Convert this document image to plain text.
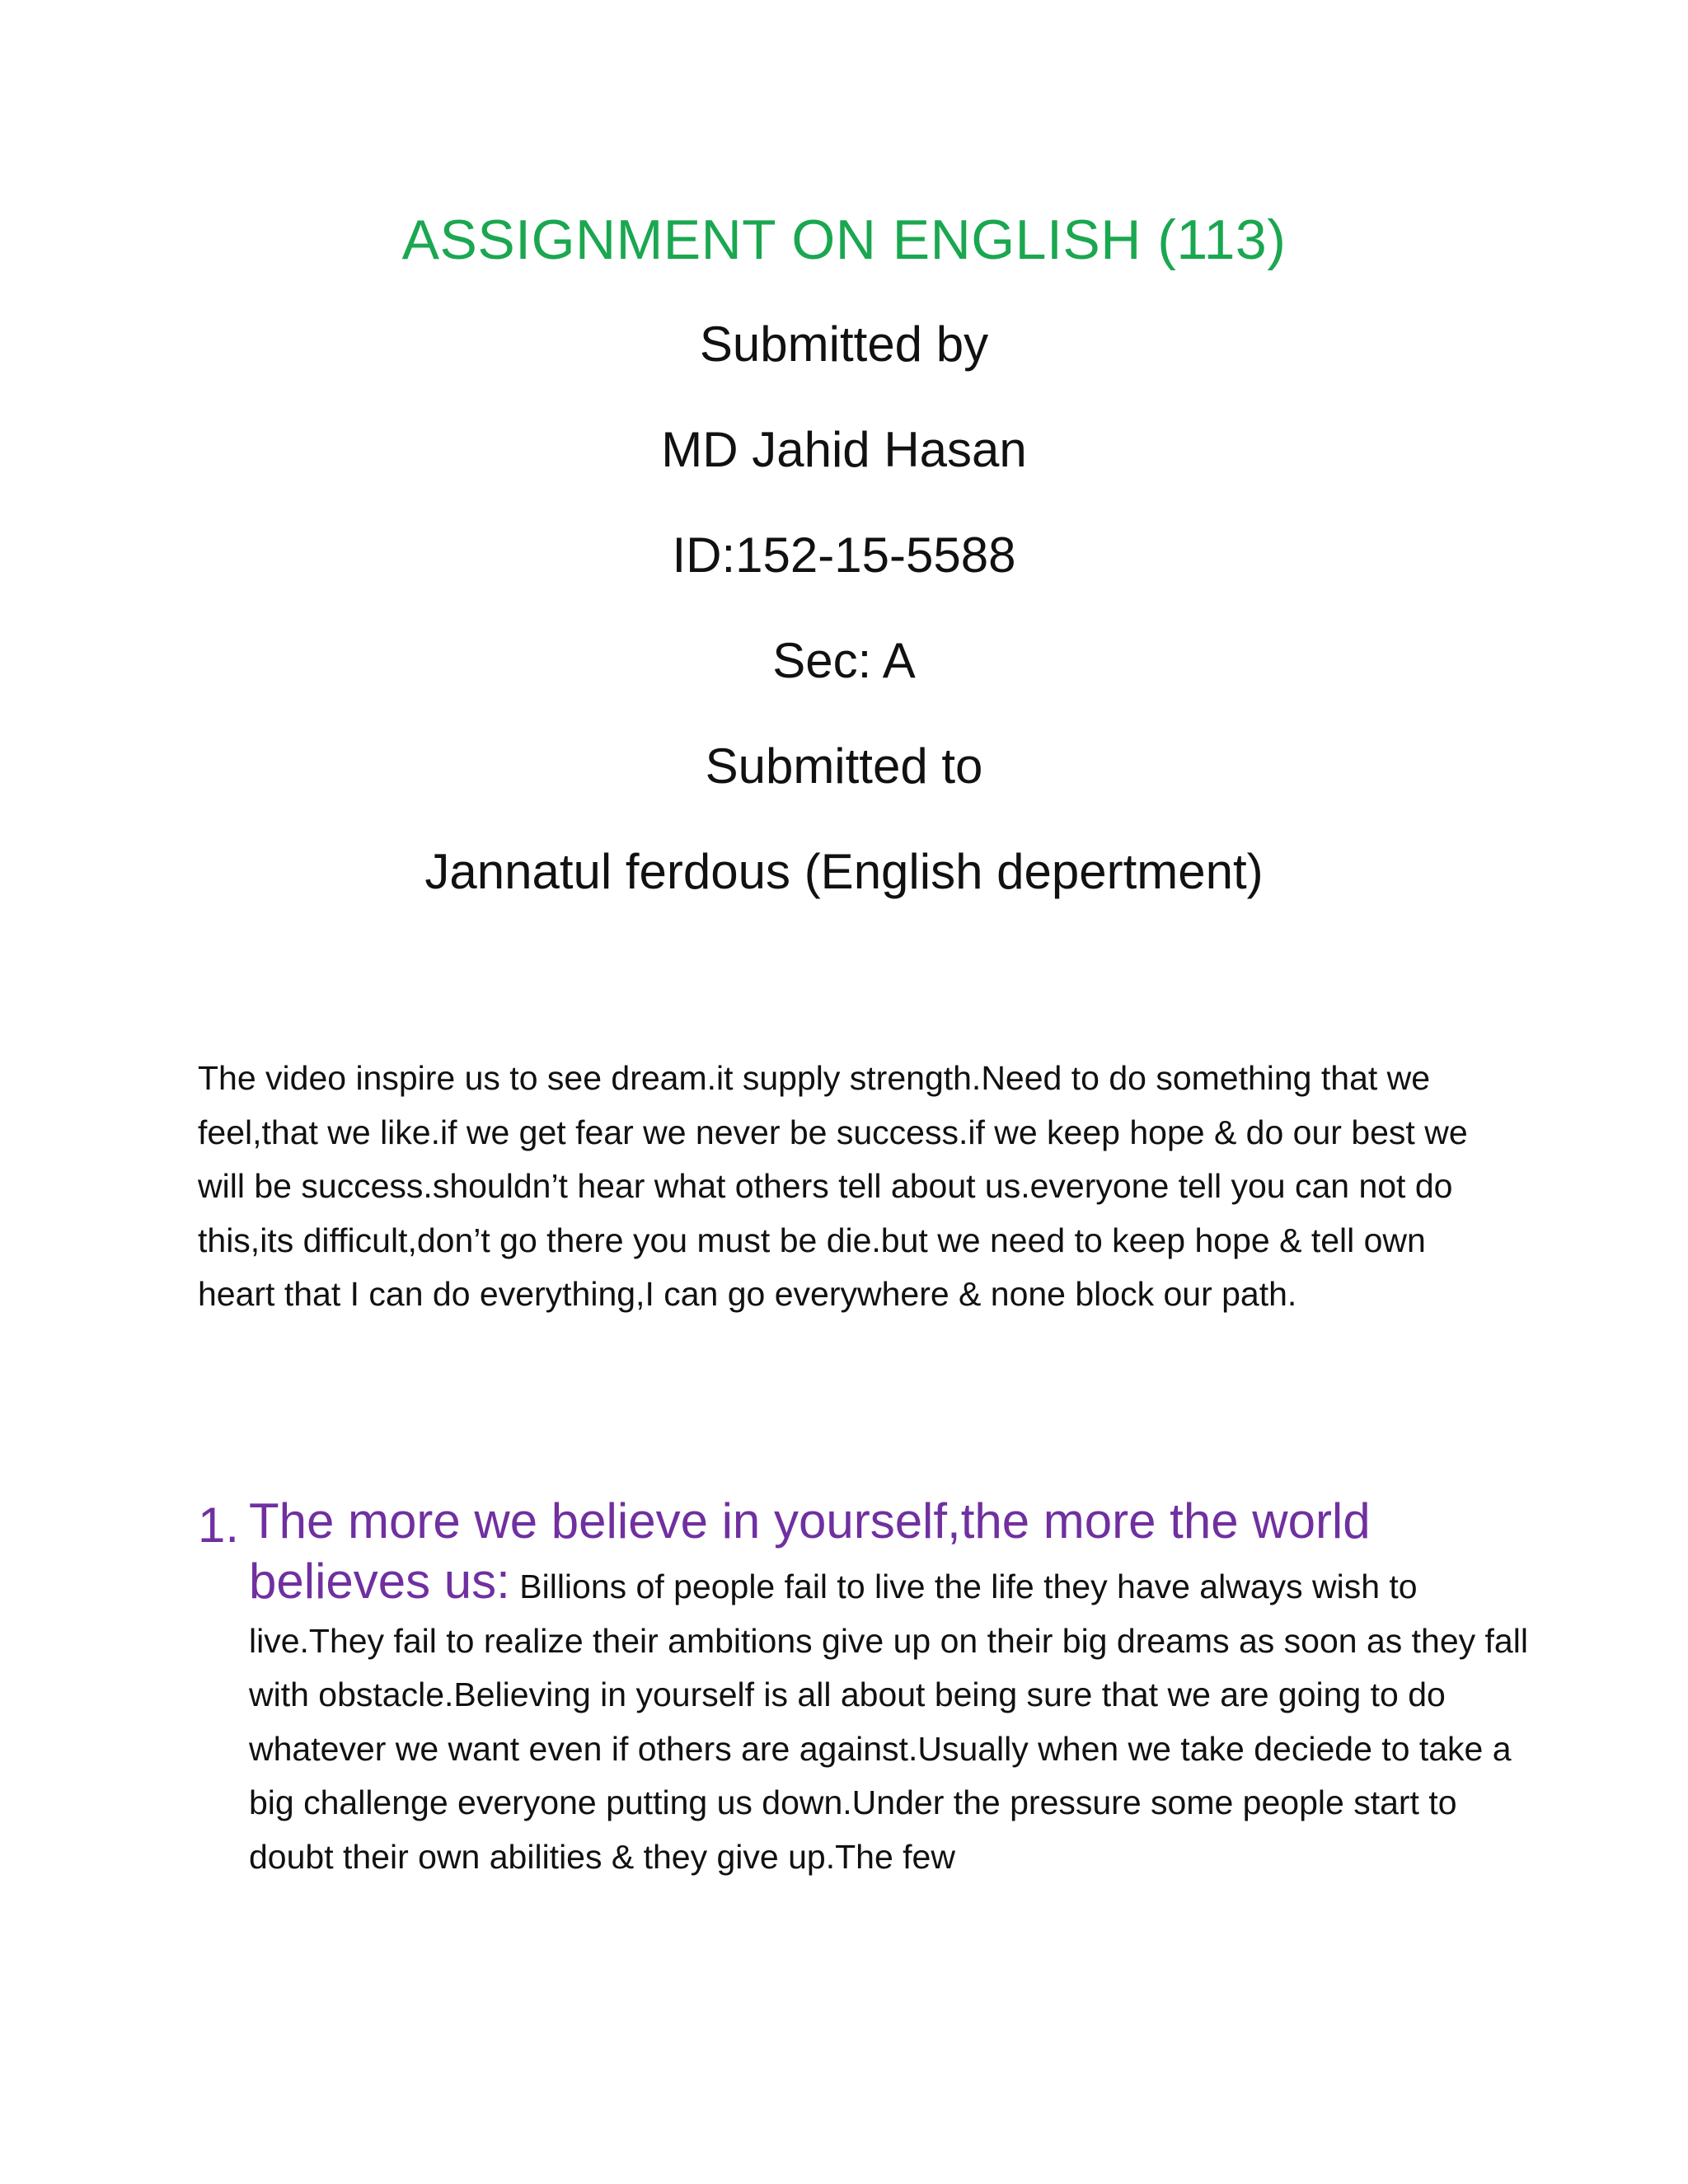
ASSIGNMENT ON ENGLISH (113)
Submitted by
MD Jahid Hasan
ID:152-15-5588
Sec: A
Submitted to
Jannatul ferdous (English depertment)
The video inspire us to see dream.it supply strength.Need to do something that we feel,that we like.if we get fear we never be success.if we keep hope & do our best we will be success.shouldn’t hear what others tell about us.everyone tell you can not do this,its difficult,don’t go there you must be die.but we need to keep hope & tell own heart that I can do everything,I can go everywhere & none block our path.
1. The more we believe in yourself,the more the world
believes us: Billions of people fail to live the life they have always wish to live.They fail to realize their ambitions give up on their big dreams as soon as they fall with obstacle.Believing in yourself is all about being sure that we are going to do whatever we want even if others are against.Usually when we take deciede to take a big challenge everyone putting us down.Under the pressure some people start to doubt their own abilities & they give up.The few
